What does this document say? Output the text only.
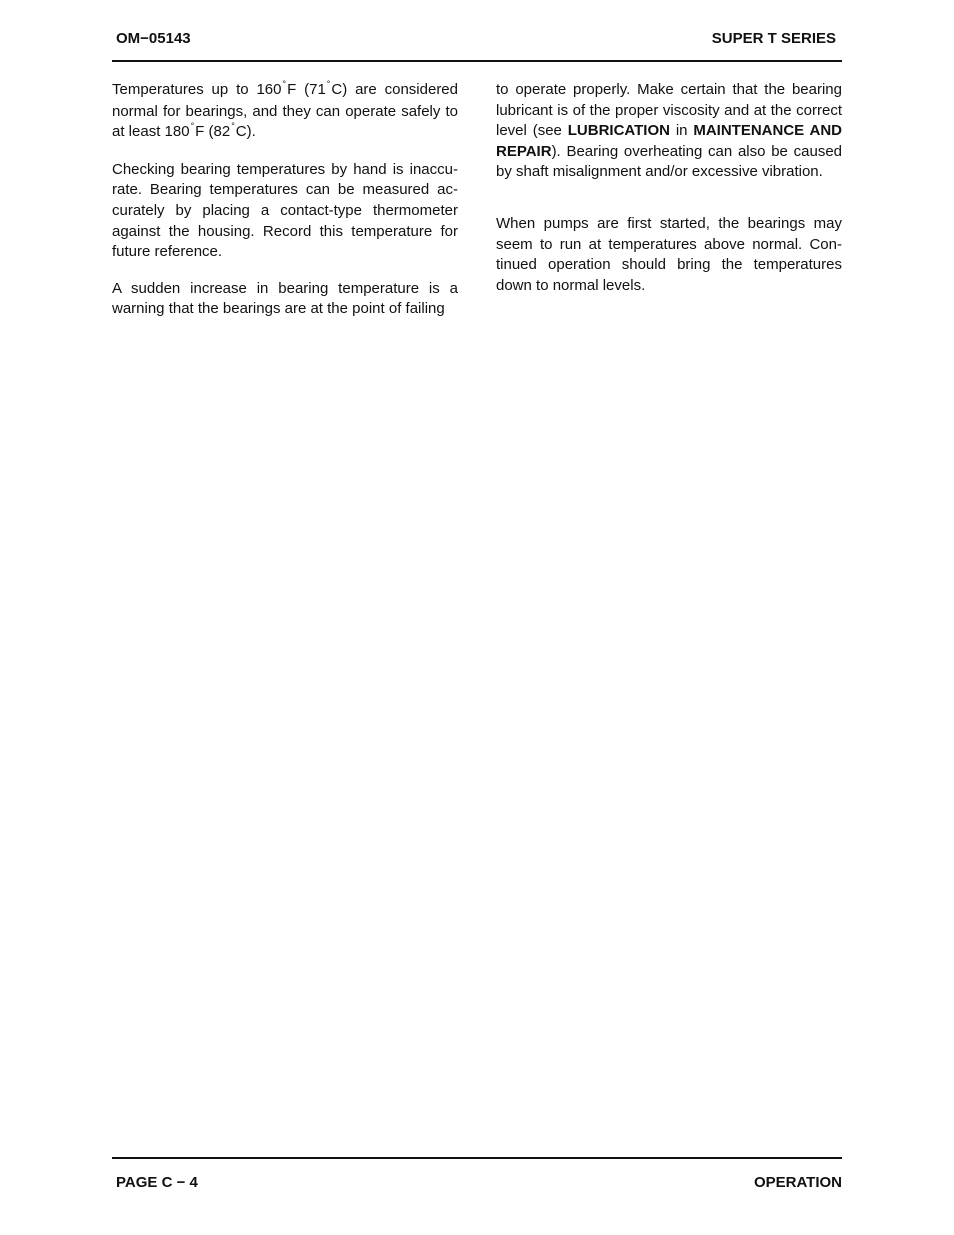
OM−05143	SUPER T SERIES

Temperatures up to 160°F (71°C) are considered normal for bearings, and they can operate safely to at least 180°F (82°C).

Checking bearing temperatures by hand is inaccurate. Bearing temperatures can be measured accurately by placing a contact-type thermometer against the housing. Record this temperature for future reference.

A sudden increase in bearing temperature is a warning that the bearings are at the point of failing

to operate properly. Make certain that the bearing lubricant is of the proper viscosity and at the correct level (see LUBRICATION in MAINTENANCE AND REPAIR). Bearing overheating can also be caused by shaft misalignment and/or excessive vibration.

When pumps are first started, the bearings may seem to run at temperatures above normal. Continued operation should bring the temperatures down to normal levels.

PAGE C − 4	OPERATION
